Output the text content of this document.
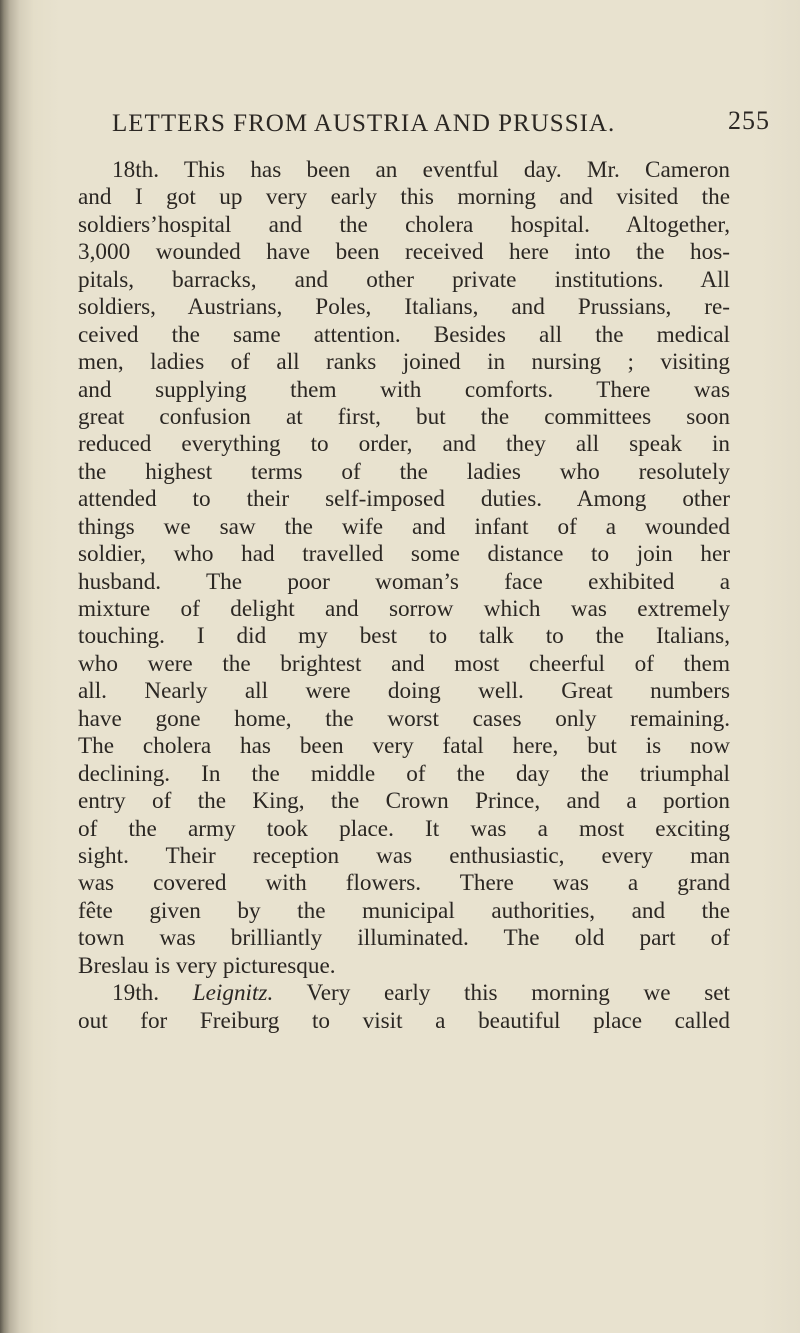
LETTERS FROM AUSTRIA AND PRUSSIA.	255
18th. This has been an eventful day. Mr. Cameron
and I got up very early this morning and visited the
soldiers’hospital and the cholera hospital. Altogether,
3,000 wounded have been received here into the hos-
pitals, barracks, and other private institutions. All
soldiers, Austrians, Poles, Italians, and Prussians, re-
ceived the same attention. Besides all the medical
men, ladies of all ranks joined in nursing ; visiting
and supplying them with comforts. There was
great confusion at first, but the committees soon
reduced everything to order, and they all speak in
the highest terms of the ladies who resolutely
attended to their self-imposed duties. Among other
things we saw the wife and infant of a wounded
soldier, who had travelled some distance to join her
husband. The poor woman’s face exhibited a
mixture of delight and sorrow which was extremely
touching. I did my best to talk to the Italians,
who were the brightest and most cheerful of them
all. Nearly all were doing well. Great numbers
have gone home, the worst cases only remaining.
The cholera has been very fatal here, but is now
declining. In the middle of the day the triumphal
entry of the King, the Crown Prince, and a portion
of the army took place. It was a most exciting
sight. Their reception was enthusiastic, every man
was covered with flowers. There was a grand
fête given by the municipal authorities, and the
town was brilliantly illuminated. The old part of
Breslau is very picturesque.
19th. Leignitz. Very early this morning we set
out for Freiburg to visit a beautiful place called
